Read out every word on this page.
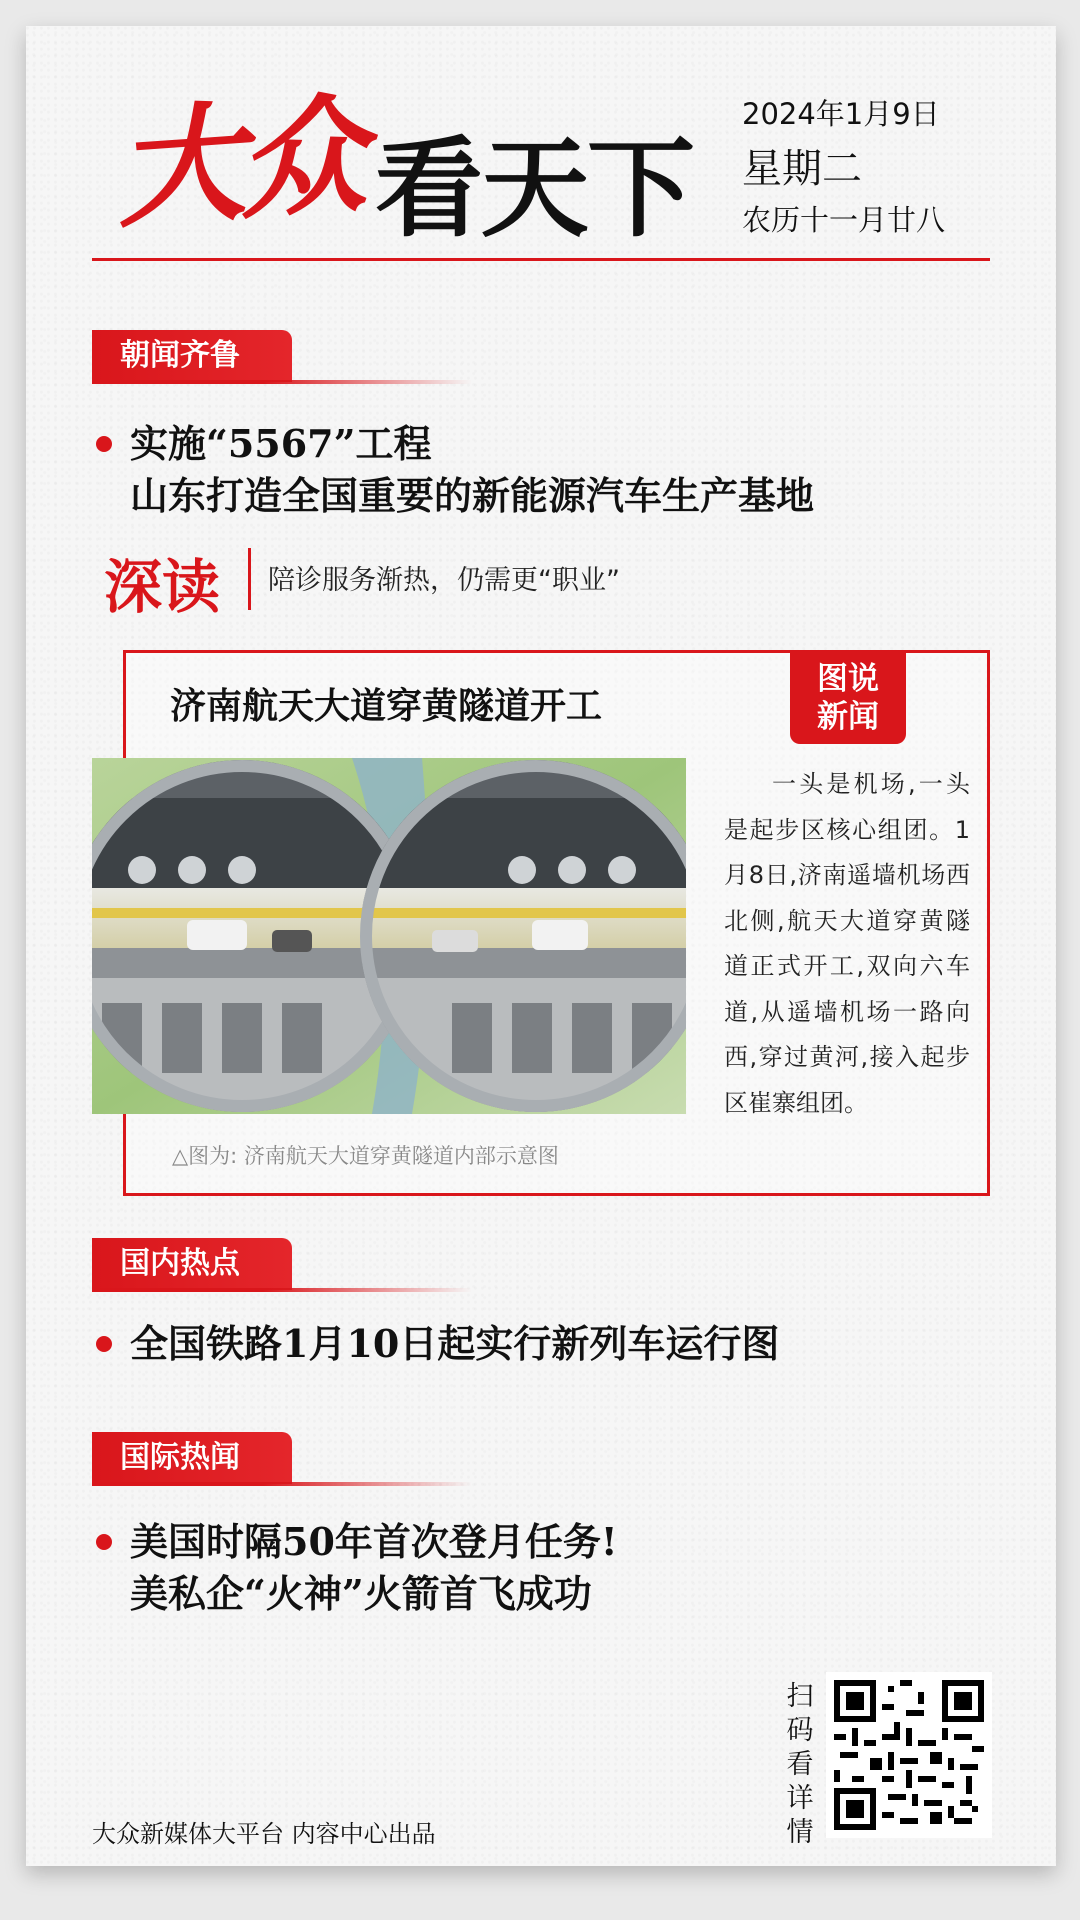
大众 看天下
2024年1月9日
星期二
农历十一月廿八
朝闻齐鲁
实施“5567”工程
山东打造全国重要的新能源汽车生产基地
深读 陪诊服务渐热，仍需更“职业”
济南航天大道穿黄隧道开工
图说
新闻

一头是机场,一头是起步区核心组团。1月8日,济南遥墙机场西北侧,航天大道穿黄隧道正式开工,双向六车道,从遥墙机场一路向西,穿过黄河,接入起步区崔寨组团。

△图为: 济南航天大道穿黄隧道内部示意图
国内热点
全国铁路1月10日起实行新列车运行图
国际热闻
美国时隔50年首次登月任务!
美私企“火神”火箭首飞成功
大众新媒体大平台 内容中心出品
扫码看详情
